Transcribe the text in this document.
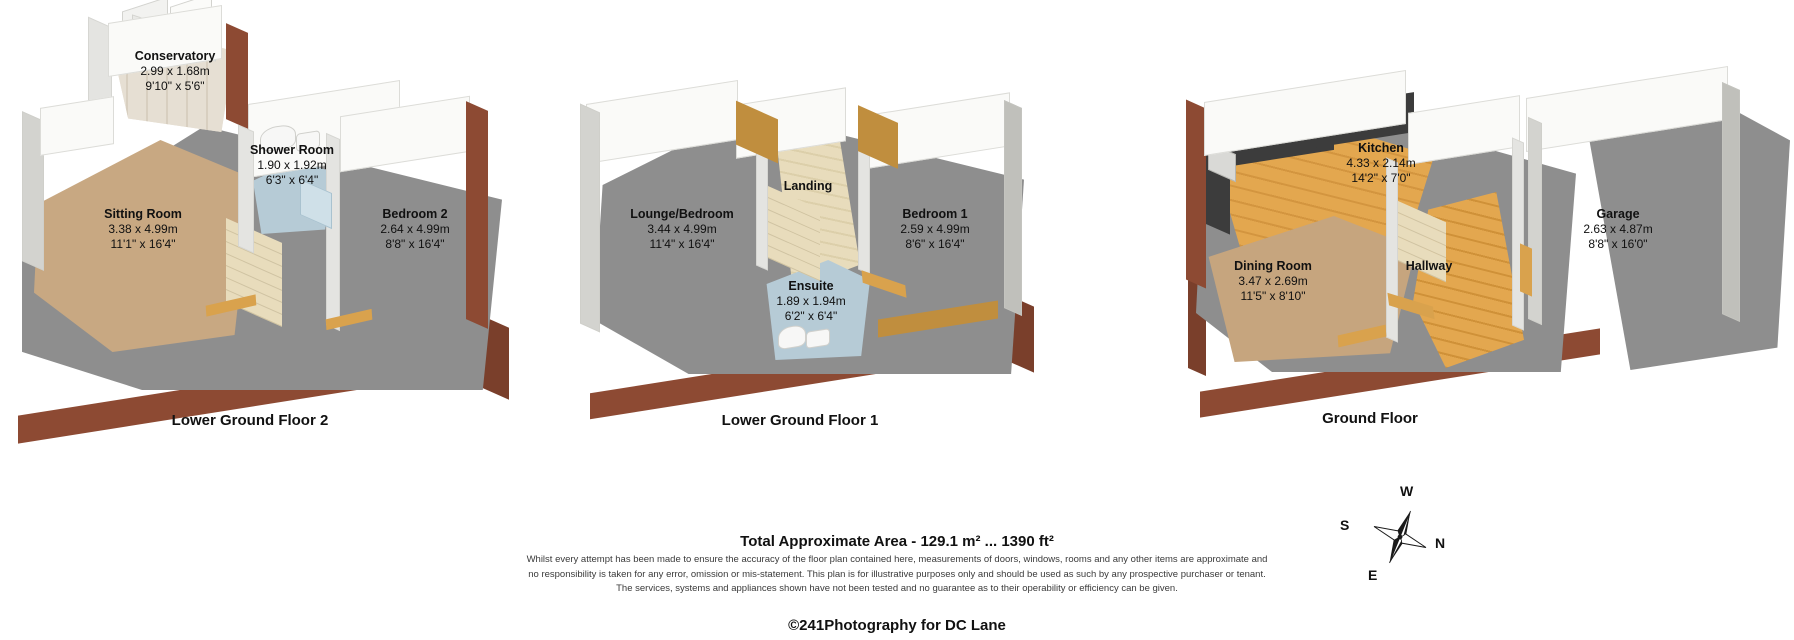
Conservatory
2.99 x 1.68m
9'10" x 5'6"
Shower Room
1.90 x 1.92m
6'3" x 6'4"
Sitting Room
3.38 x 4.99m
11'1" x 16'4"
Bedroom 2
2.64 x 4.99m
8'8" x 16'4"
Lower Ground Floor 2
Landing
Lounge/Bedroom
3.44 x 4.99m
11'4" x 16'4"
Bedroom 1
2.59 x 4.99m
8'6" x 16'4"
Ensuite
1.89 x 1.94m
6'2" x 6'4"
Lower Ground Floor 1
Kitchen
4.33 x 2.14m
14'2" x 7'0"
Dining Room
3.47 x 2.69m
11'5" x 8'10"
Hallway
Garage
2.63 x 4.87m
8'8" x 16'0"
Ground Floor
Total Approximate Area - 129.1 m² ... 1390 ft²
Whilst every attempt has been made to ensure the accuracy of the floor plan contained here, measurements of doors, windows, rooms and any other items are approximate and
no responsibility is taken for any error, omission or mis-statement. This plan is for illustrative purposes only and should be used as such by any prospective purchaser or tenant.
The services, systems and appliances shown have not been tested and no guarantee as to their operability or efficiency can be given.
©241Photography for DC Lane
W
S
N
E
